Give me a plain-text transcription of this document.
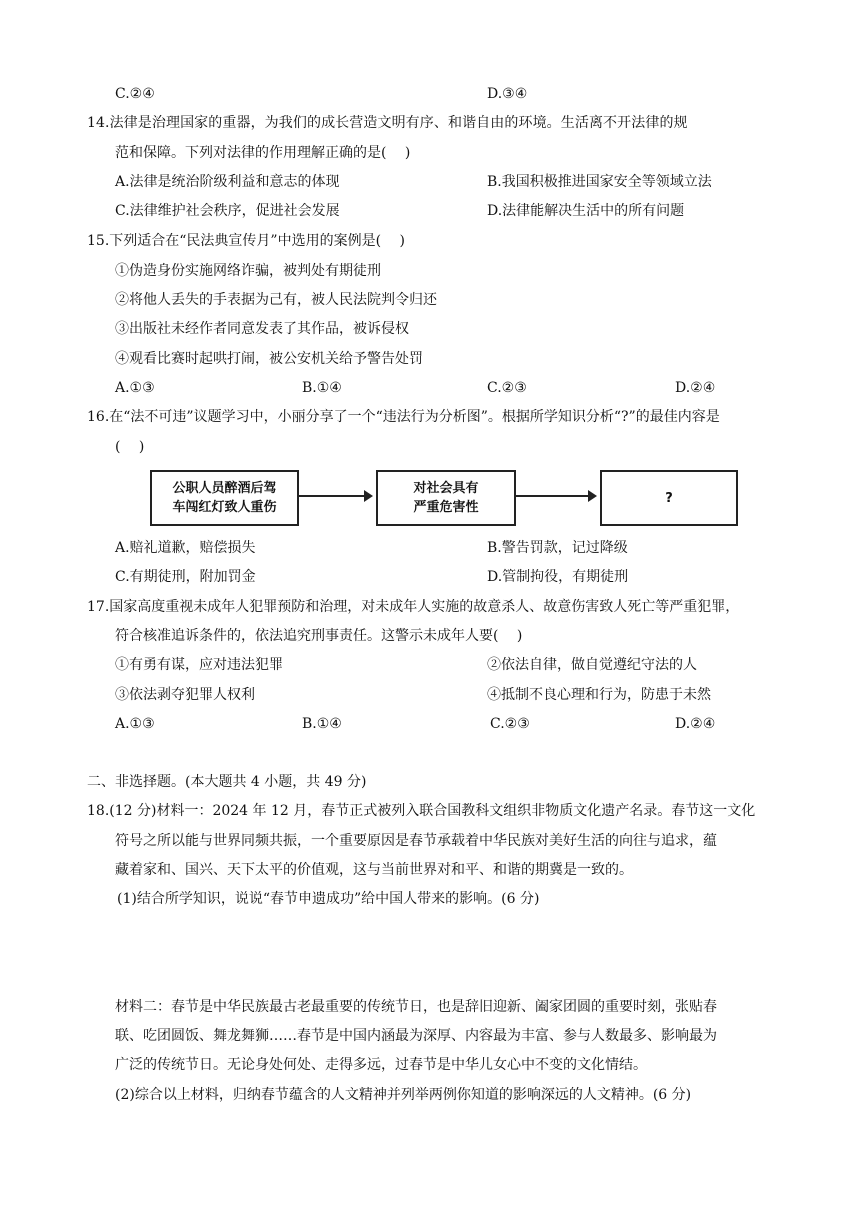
C.②④	D.③④
14.法律是治理国家的重器，为我们的成长营造文明有序、和谐自由的环境。生活离不开法律的规
范和保障。下列对法律的作用理解正确的是(　 )
A.法律是统治阶级利益和意志的体现	B.我国积极推进国家安全等领域立法
C.法律维护社会秩序，促进社会发展	D.法律能解决生活中的所有问题
15.下列适合在“民法典宣传月”中选用的案例是(　 )
①伪造身份实施网络诈骗，被判处有期徒刑
②将他人丢失的手表据为己有，被人民法院判令归还
③出版社未经作者同意发表了其作品，被诉侵权
④观看比赛时起哄打闹，被公安机关给予警告处罚
A.①③	B.①④	C.②③	D.②④
16.在“法不可违”议题学习中，小丽分享了一个“违法行为分析图”。根据所学知识分析“?”的最佳内容是
(　 )
公职人员醉酒后驾
车闯红灯致人重伤
对社会具有
严重危害性
?
A.赔礼道歉，赔偿损失	B.警告罚款，记过降级
C.有期徒刑，附加罚金	D.管制拘役，有期徒刑
17.国家高度重视未成年人犯罪预防和治理，对未成年人实施的故意杀人、故意伤害致人死亡等严重犯罪，
符合核准追诉条件的，依法追究刑事责任。这警示未成年人要(　 )
①有勇有谋，应对违法犯罪	②依法自律，做自觉遵纪守法的人
③依法剥夺犯罪人权利	④抵制不良心理和行为，防患于未然
A.①③	B.①④	C.②③	D.②④
二、非选择题。(本大题共 4 小题，共 49 分)
18.(12 分)材料一：2024 年 12 月，春节正式被列入联合国教科文组织非物质文化遗产名录。春节这一文化
符号之所以能与世界同频共振，一个重要原因是春节承载着中华民族对美好生活的向往与追求，蕴
藏着家和、国兴、天下太平的价值观，这与当前世界对和平、和谐的期冀是一致的。
(1)结合所学知识，说说“春节申遗成功”给中国人带来的影响。(6 分)
材料二：春节是中华民族最古老最重要的传统节日，也是辞旧迎新、阖家团圆的重要时刻，张贴春
联、吃团圆饭、舞龙舞狮……春节是中国内涵最为深厚、内容最为丰富、参与人数最多、影响最为
广泛的传统节日。无论身处何处、走得多远，过春节是中华儿女心中不变的文化情结。
(2)综合以上材料，归纳春节蕴含的人文精神并列举两例你知道的影响深远的人文精神。(6 分)
